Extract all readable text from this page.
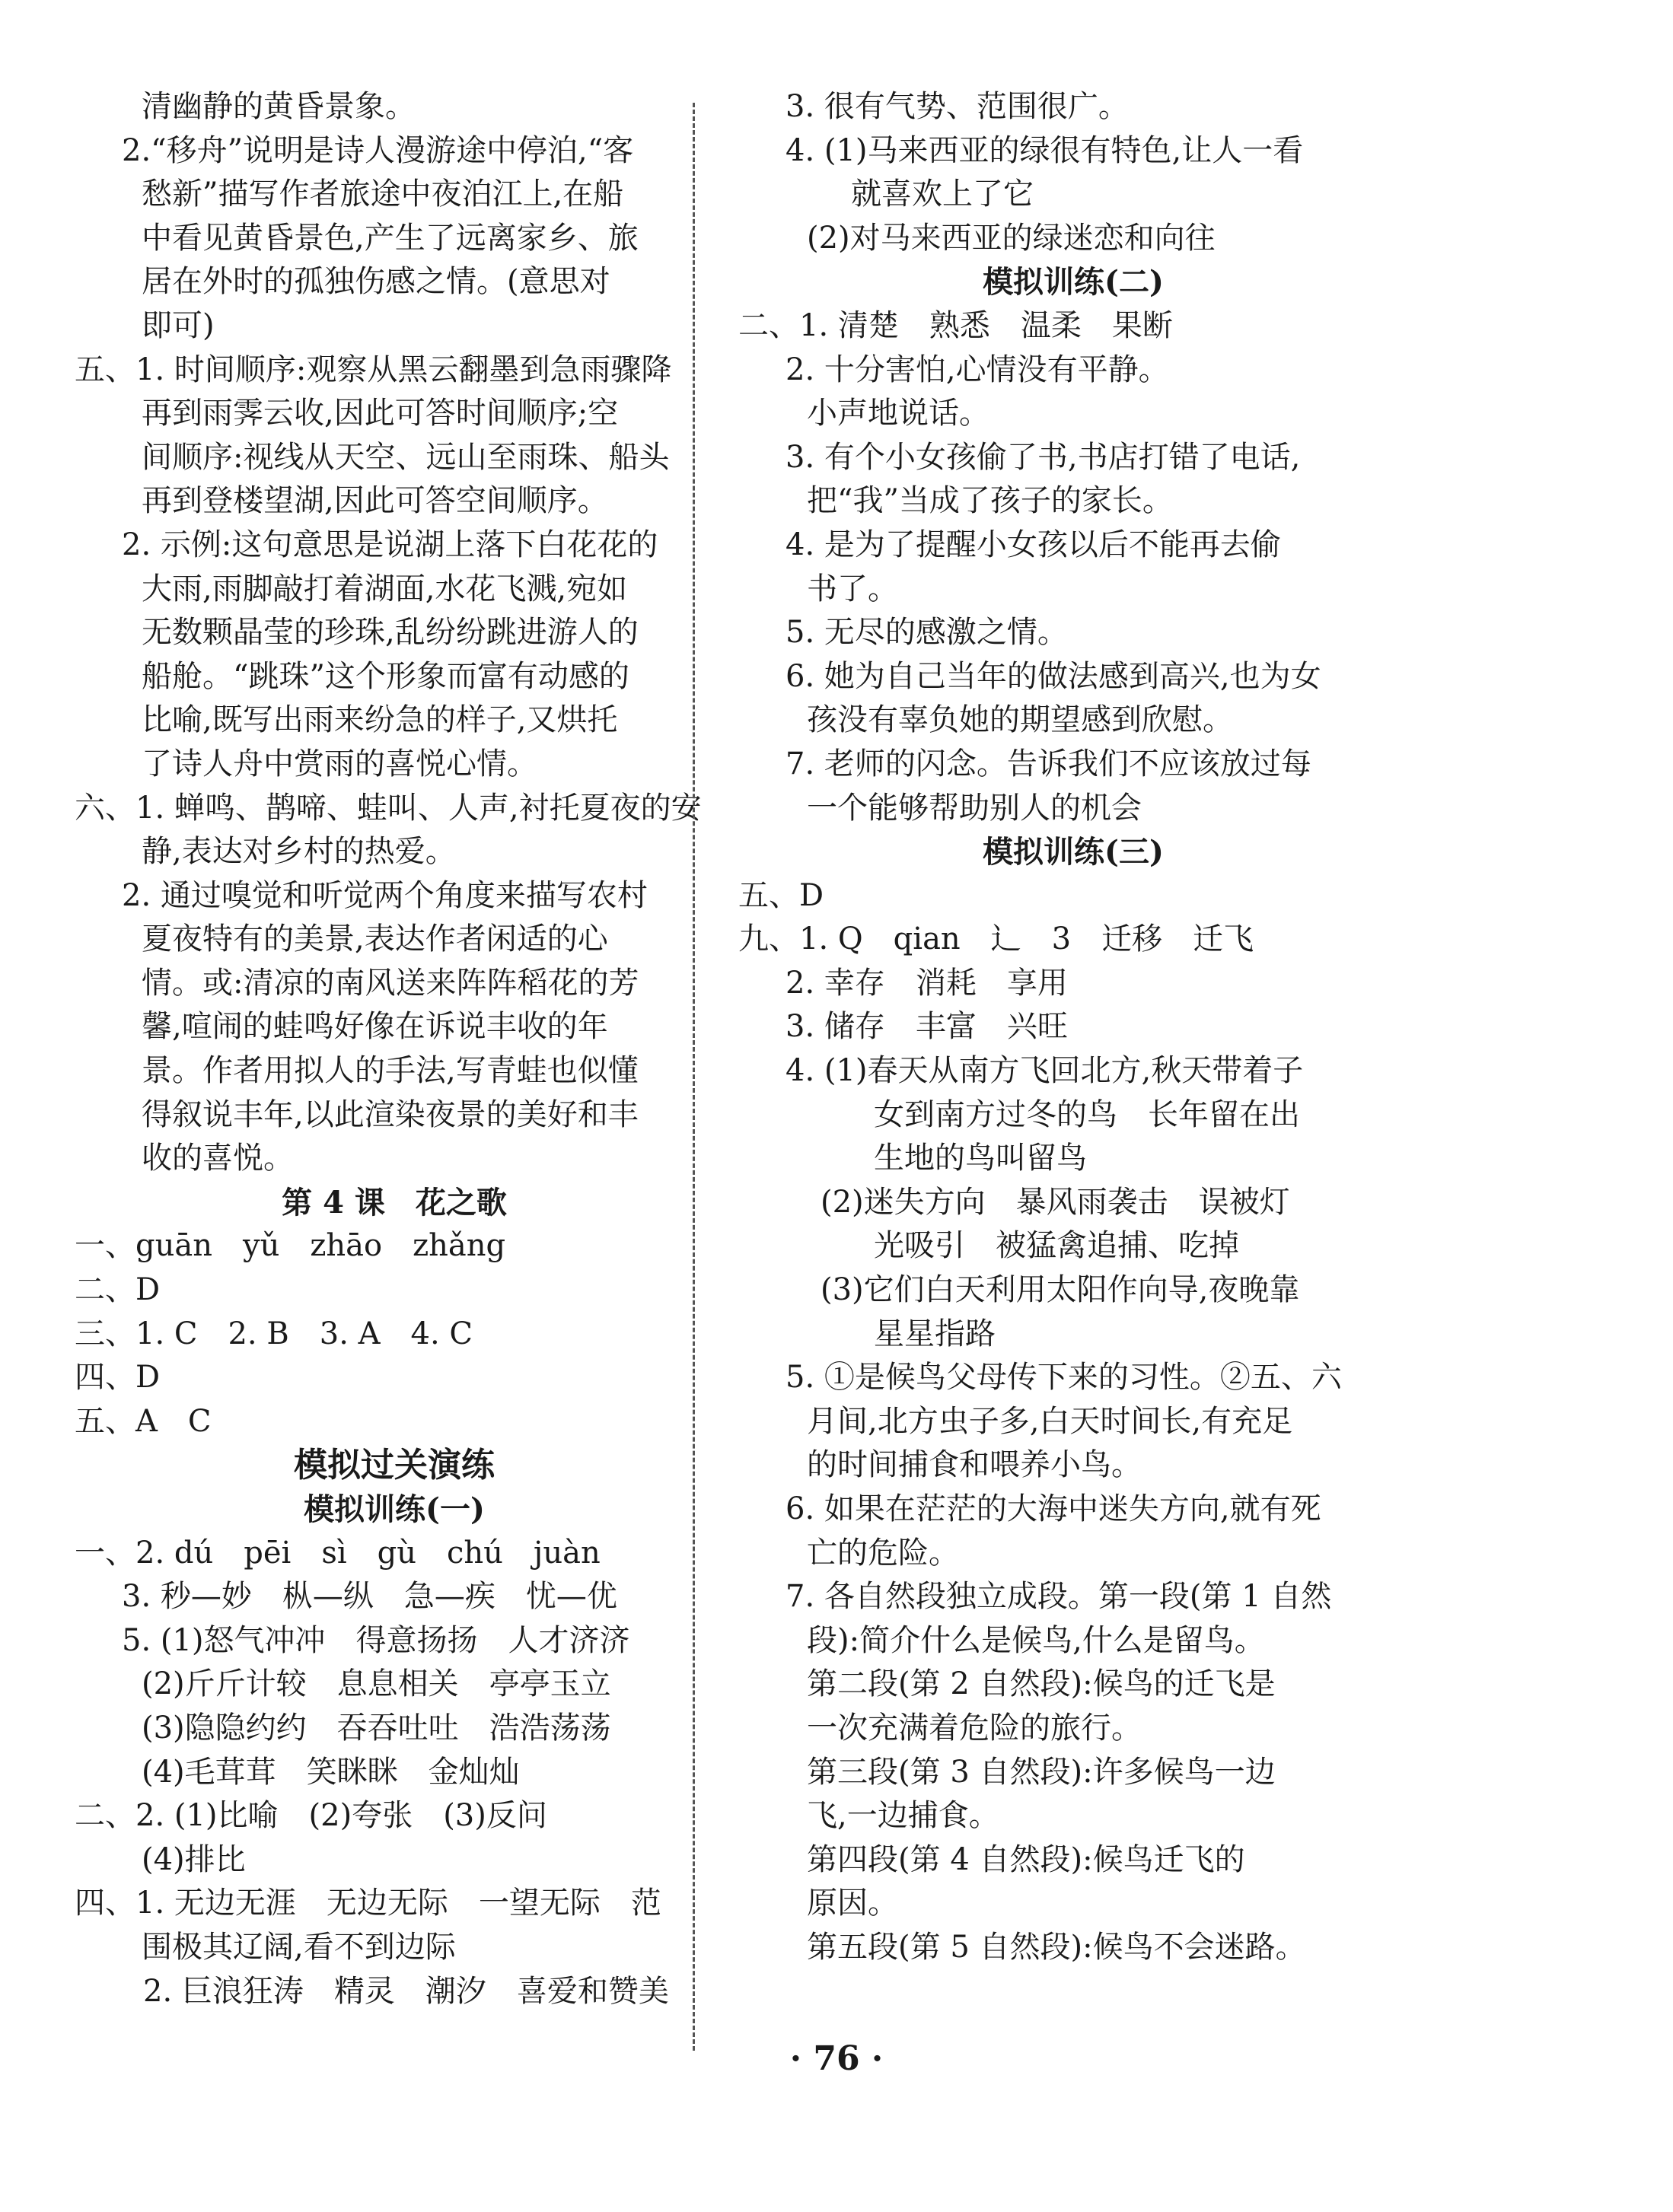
清幽静的黄昏景象。
2.“移舟”说明是诗人漫游途中停泊,“客
愁新”描写作者旅途中夜泊江上,在船
中看见黄昏景色,产生了远离家乡、旅
居在外时的孤独伤感之情。(意思对
即可)
五、1. 时间顺序:观察从黑云翻墨到急雨骤降
再到雨霁云收,因此可答时间顺序;空
间顺序:视线从天空、远山至雨珠、船头
再到登楼望湖,因此可答空间顺序。
2. 示例:这句意思是说湖上落下白花花的
大雨,雨脚敲打着湖面,水花飞溅,宛如
无数颗晶莹的珍珠,乱纷纷跳进游人的
船舱。“跳珠”这个形象而富有动感的
比喻,既写出雨来纷急的样子,又烘托
了诗人舟中赏雨的喜悦心情。
六、1. 蝉鸣、鹊啼、蛙叫、人声,衬托夏夜的安
静,表达对乡村的热爱。
2. 通过嗅觉和听觉两个角度来描写农村
夏夜特有的美景,表达作者闲适的心
情。或:清凉的南风送来阵阵稻花的芳
馨,喧闹的蛙鸣好像在诉说丰收的年
景。作者用拟人的手法,写青蛙也似懂
得叙说丰年,以此渲染夜景的美好和丰
收的喜悦。
第 4 课　花之歌
一、guān　yǔ　zhāo　zhǎng
二、D
三、1. C　2. B　3. A　4. C
四、D
五、A　C
模拟过关演练
模拟训练(一)
一、2. dú　pēi　sì　gù　chú　juàn
3. 秒—妙　枞—纵　急—疾　忧—优
5. (1)怒气冲冲　得意扬扬　人才济济
(2)斤斤计较　息息相关　亭亭玉立
(3)隐隐约约　吞吞吐吐　浩浩荡荡
(4)毛茸茸　笑眯眯　金灿灿
二、2. (1)比喻　(2)夸张　(3)反问
(4)排比
四、1. 无边无涯　无边无际　一望无际　范
围极其辽阔,看不到边际
2. 巨浪狂涛　精灵　潮汐　喜爱和赞美
3. 很有气势、范围很广。
4. (1)马来西亚的绿很有特色,让人一看
就喜欢上了它
(2)对马来西亚的绿迷恋和向往
模拟训练(二)
二、1. 清楚　熟悉　温柔　果断
2. 十分害怕,心情没有平静。
小声地说话。
3. 有个小女孩偷了书,书店打错了电话,
把“我”当成了孩子的家长。
4. 是为了提醒小女孩以后不能再去偷
书了。
5. 无尽的感激之情。
6. 她为自己当年的做法感到高兴,也为女
孩没有辜负她的期望感到欣慰。
7. 老师的闪念。告诉我们不应该放过每
一个能够帮助别人的机会
模拟训练(三)
五、D
九、1. Q　qian　辶　3　迁移　迁飞
2. 幸存　消耗　享用
3. 储存　丰富　兴旺
4. (1)春天从南方飞回北方,秋天带着子
女到南方过冬的鸟　长年留在出
生地的鸟叫留鸟
(2)迷失方向　暴风雨袭击　误被灯
光吸引　被猛禽追捕、吃掉
(3)它们白天利用太阳作向导,夜晚靠
星星指路
5. ①是候鸟父母传下来的习性。②五、六
月间,北方虫子多,白天时间长,有充足
的时间捕食和喂养小鸟。
6. 如果在茫茫的大海中迷失方向,就有死
亡的危险。
7. 各自然段独立成段。第一段(第 1 自然
段):简介什么是候鸟,什么是留鸟。
第二段(第 2 自然段):候鸟的迁飞是
一次充满着危险的旅行。
第三段(第 3 自然段):许多候鸟一边
飞,一边捕食。
第四段(第 4 自然段):候鸟迁飞的
原因。
第五段(第 5 自然段):候鸟不会迷路。
· 76 ·
